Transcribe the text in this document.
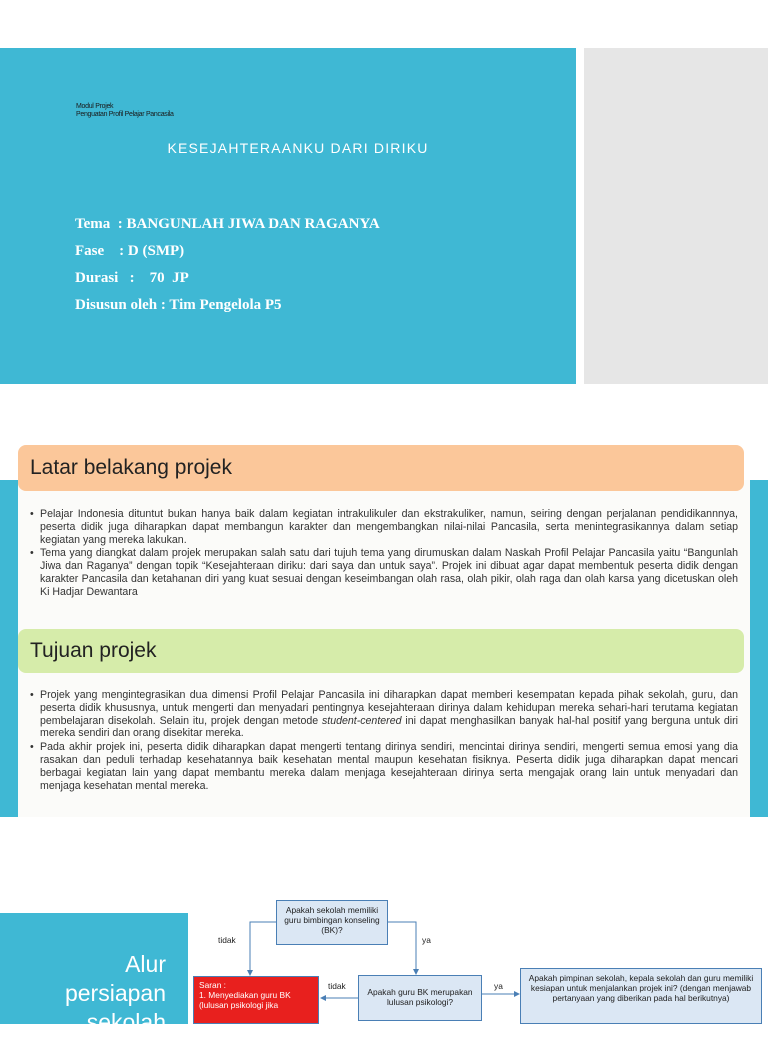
Modul Projek
Penguatan Profil Pelajar Pancasila
KESEJAHTERAANKU DARI DIRIKU
Tema  : BANGUNLAH JIWA DAN RAGANYA
Fase    : D (SMP)
Durasi   :    70  JP
Disusun oleh : Tim Pengelola P5
Latar belakang projek
• Pelajar Indonesia dituntut bukan hanya baik dalam kegiatan intrakulikuler dan ekstrakuliker, namun, seiring dengan perjalanan pendidikannnya, peserta didik juga diharapkan dapat membangun karakter dan mengembangkan nilai-nilai Pancasila, serta menintegrasikannya dalam setiap kegiatan yang mereka lakukan.
• Tema yang diangkat dalam projek merupakan salah satu dari tujuh tema yang dirumuskan dalam Naskah Profil Pelajar Pancasila yaitu “Bangunlah Jiwa dan Raganya” dengan topik “Kesejahteraan diriku: dari saya dan untuk saya”. Projek ini dibuat agar dapat membentuk peserta didik dengan karakter Pancasila dan ketahanan diri yang kuat sesuai dengan keseimbangan olah rasa, olah pikir, olah raga dan olah karsa yang dicetuskan oleh Ki Hadjar Dewantara
Tujuan projek
• Projek yang mengintegrasikan dua dimensi Profil Pelajar Pancasila ini diharapkan dapat memberi kesempatan kepada pihak sekolah, guru, dan peserta didik khususnya, untuk mengerti dan menyadari pentingnya kesejahteraan dirinya dalam kehidupan mereka sehari-hari terutama kegiatan pembelajaran disekolah. Selain itu, projek dengan metode student-centered ini dapat menghasilkan banyak hal-hal positif yang berguna untuk diri mereka sendiri dan orang disekitar mereka.
• Pada akhir projek ini, peserta didik diharapkan dapat mengerti tentang dirinya sendiri, mencintai dirinya sendiri, mengerti semua emosi yang dia rasakan dan peduli terhadap kesehatannya baik kesehatan mental maupun kesehatan fisiknya. Peserta didik juga diharapkan dapat mencari berbagai kegiatan lain yang dapat membantu mereka dalam menjaga kesejahteraan dirinya serta mengajak orang lain untuk menyadari dan menjaga kesehatan mental mereka.
Alur
persiapan
sekolah
Apakah sekolah memiliki guru bimbingan konseling (BK)?
Apakah guru BK merupakan lulusan psikologi?
Apakah pimpinan sekolah, kepala sekolah dan guru memiliki kesiapan untuk menjalankan projek ini? (dengan menjawab pertanyaan yang diberikan pada hal berikutnya)
Saran :
1. Menyediakan guru BK (lulusan psikologi jika
tidak	ya
tidak	ya
